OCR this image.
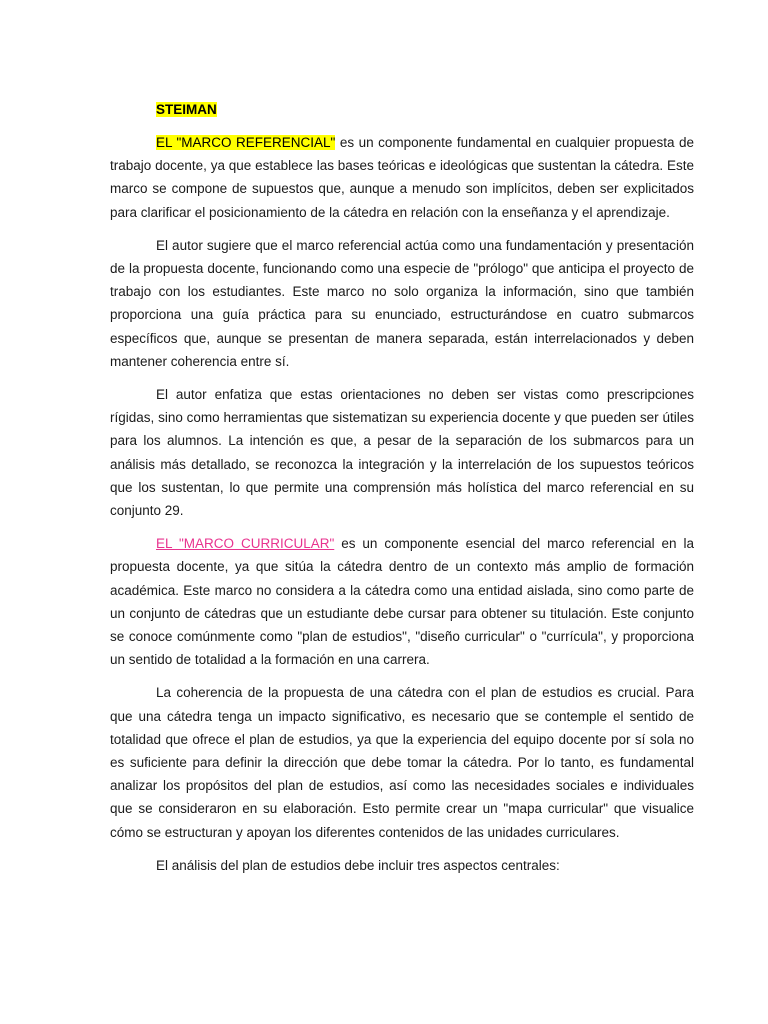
STEIMAN

EL "MARCO REFERENCIAL" es un componente fundamental en cualquier propuesta de trabajo docente, ya que establece las bases teóricas e ideológicas que sustentan la cátedra. Este marco se compone de supuestos que, aunque a menudo son implícitos, deben ser explicitados para clarificar el posicionamiento de la cátedra en relación con la enseñanza y el aprendizaje.

El autor sugiere que el marco referencial actúa como una fundamentación y presentación de la propuesta docente, funcionando como una especie de "prólogo" que anticipa el proyecto de trabajo con los estudiantes. Este marco no solo organiza la información, sino que también proporciona una guía práctica para su enunciado, estructurándose en cuatro submarcos específicos que, aunque se presentan de manera separada, están interrelacionados y deben mantener coherencia entre sí.

El autor enfatiza que estas orientaciones no deben ser vistas como prescripciones rígidas, sino como herramientas que sistematizan su experiencia docente y que pueden ser útiles para los alumnos. La intención es que, a pesar de la separación de los submarcos para un análisis más detallado, se reconozca la integración y la interrelación de los supuestos teóricos que los sustentan, lo que permite una comprensión más holística del marco referencial en su conjunto 29.

EL "MARCO CURRICULAR" es un componente esencial del marco referencial en la propuesta docente, ya que sitúa la cátedra dentro de un contexto más amplio de formación académica. Este marco no considera a la cátedra como una entidad aislada, sino como parte de un conjunto de cátedras que un estudiante debe cursar para obtener su titulación. Este conjunto se conoce comúnmente como "plan de estudios", "diseño curricular" o "currícula", y proporciona un sentido de totalidad a la formación en una carrera.

La coherencia de la propuesta de una cátedra con el plan de estudios es crucial. Para que una cátedra tenga un impacto significativo, es necesario que se contemple el sentido de totalidad que ofrece el plan de estudios, ya que la experiencia del equipo docente por sí sola no es suficiente para definir la dirección que debe tomar la cátedra. Por lo tanto, es fundamental analizar los propósitos del plan de estudios, así como las necesidades sociales e individuales que se consideraron en su elaboración. Esto permite crear un "mapa curricular" que visualice cómo se estructuran y apoyan los diferentes contenidos de las unidades curriculares.

El análisis del plan de estudios debe incluir tres aspectos centrales:
